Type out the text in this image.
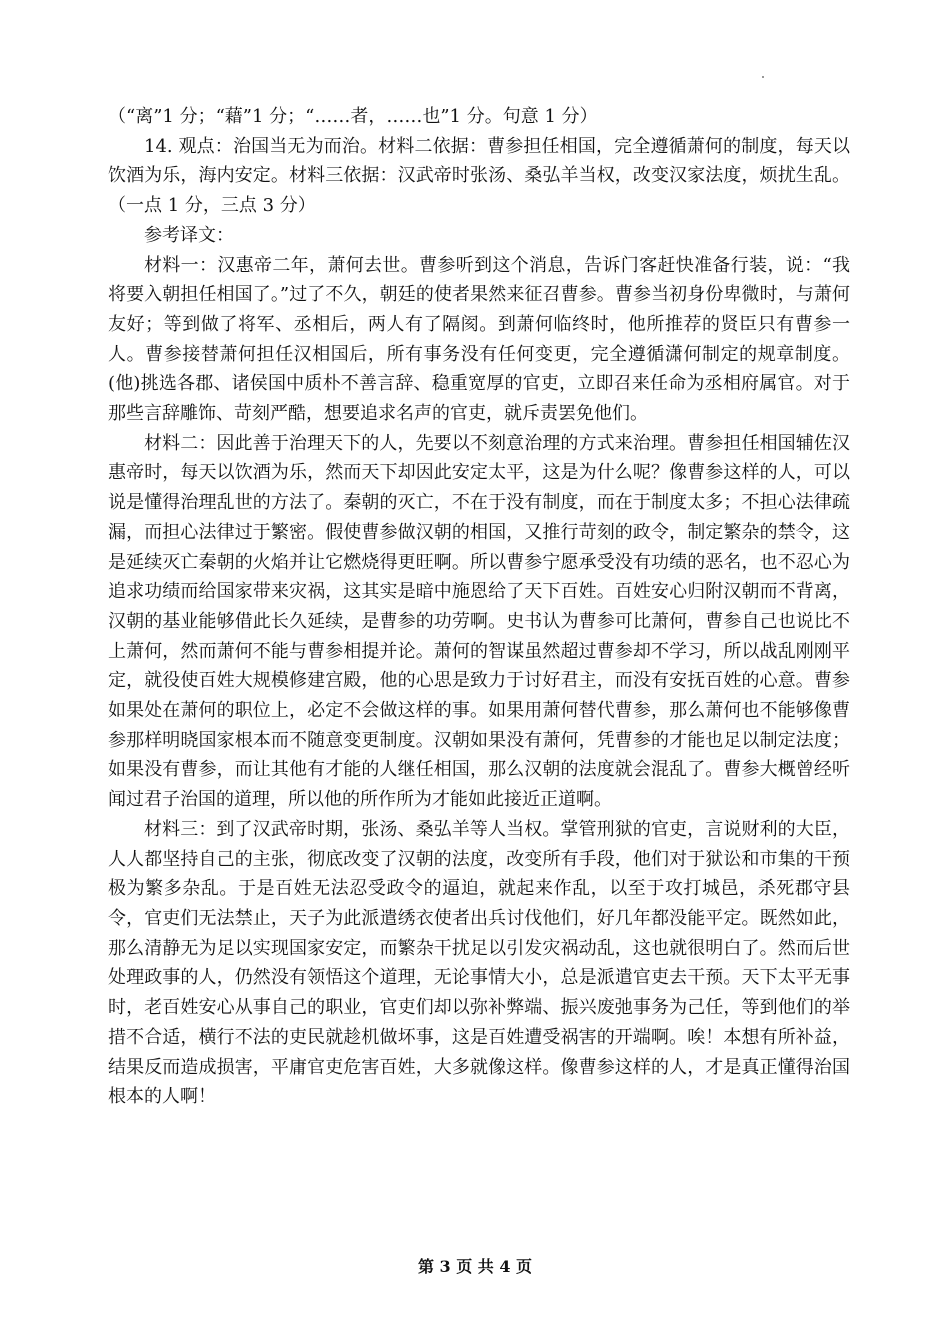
（“离”1 分；“藉”1 分；“……者，……也”1 分。句意 1 分）

14. 观点：治国当无为而治。材料二依据：曹参担任相国，完全遵循萧何的制度，每天以饮酒为乐，海内安定。材料三依据：汉武帝时张汤、桑弘羊当权，改变汉家法度，烦扰生乱。（一点 1 分，三点 3 分）

参考译文：

材料一：汉惠帝二年，萧何去世。曹参听到这个消息，告诉门客赶快准备行装，说：“我将要入朝担任相国了。”过了不久，朝廷的使者果然来征召曹参。曹参当初身份卑微时，与萧何友好；等到做了将军、丞相后，两人有了隔阂。到萧何临终时，他所推荐的贤臣只有曹参一人。曹参接替萧何担任汉相国后，所有事务没有任何变更，完全遵循潇何制定的规章制度。(他)挑选各郡、诸侯国中质朴不善言辞、稳重宽厚的官吏，立即召来任命为丞相府属官。对于那些言辞雕饰、苛刻严酷，想要追求名声的官吏，就斥责罢免他们。

材料二：因此善于治理天下的人，先要以不刻意治理的方式来治理。曹参担任相国辅佐汉惠帝时，每天以饮酒为乐，然而天下却因此安定太平，这是为什么呢？像曹参这样的人，可以说是懂得治理乱世的方法了。秦朝的灭亡，不在于没有制度，而在于制度太多；不担心法律疏漏，而担心法律过于繁密。假使曹参做汉朝的相国，又推行苛刻的政令，制定繁杂的禁令，这是延续灭亡秦朝的火焰并让它燃烧得更旺啊。所以曹参宁愿承受没有功绩的恶名，也不忍心为追求功绩而给国家带来灾祸，这其实是暗中施恩给了天下百姓。百姓安心归附汉朝而不背离，汉朝的基业能够借此长久延续，是曹参的功劳啊。史书认为曹参可比萧何，曹参自己也说比不上萧何，然而萧何不能与曹参相提并论。萧何的智谋虽然超过曹参却不学习，所以战乱刚刚平定，就役使百姓大规模修建宫殿，他的心思是致力于讨好君主，而没有安抚百姓的心意。曹参如果处在萧何的职位上，必定不会做这样的事。如果用萧何替代曹参，那么萧何也不能够像曹参那样明晓国家根本而不随意变更制度。汉朝如果没有萧何，凭曹参的才能也足以制定法度；如果没有曹参，而让其他有才能的人继任相国，那么汉朝的法度就会混乱了。曹参大概曾经听闻过君子治国的道理，所以他的所作所为才能如此接近正道啊。

材料三：到了汉武帝时期，张汤、桑弘羊等人当权。掌管刑狱的官吏，言说财利的大臣，人人都坚持自己的主张，彻底改变了汉朝的法度，改变所有手段，他们对于狱讼和市集的干预极为繁多杂乱。于是百姓无法忍受政令的逼迫，就起来作乱，以至于攻打城邑，杀死郡守县令，官吏们无法禁止，天子为此派遣绣衣使者出兵讨伐他们，好几年都没能平定。既然如此，那么清静无为足以实现国家安定，而繁杂干扰足以引发灾祸动乱，这也就很明白了。然而后世处理政事的人，仍然没有领悟这个道理，无论事情大小，总是派遣官吏去干预。天下太平无事时，老百姓安心从事自己的职业，官吏们却以弥补弊端、振兴废弛事务为己任，等到他们的举措不合适，横行不法的吏民就趁机做坏事，这是百姓遭受祸害的开端啊。唉！本想有所补益，结果反而造成损害，平庸官吏危害百姓，大多就像这样。像曹参这样的人，才是真正懂得治国根本的人啊！

第 3 页 共 4 页
